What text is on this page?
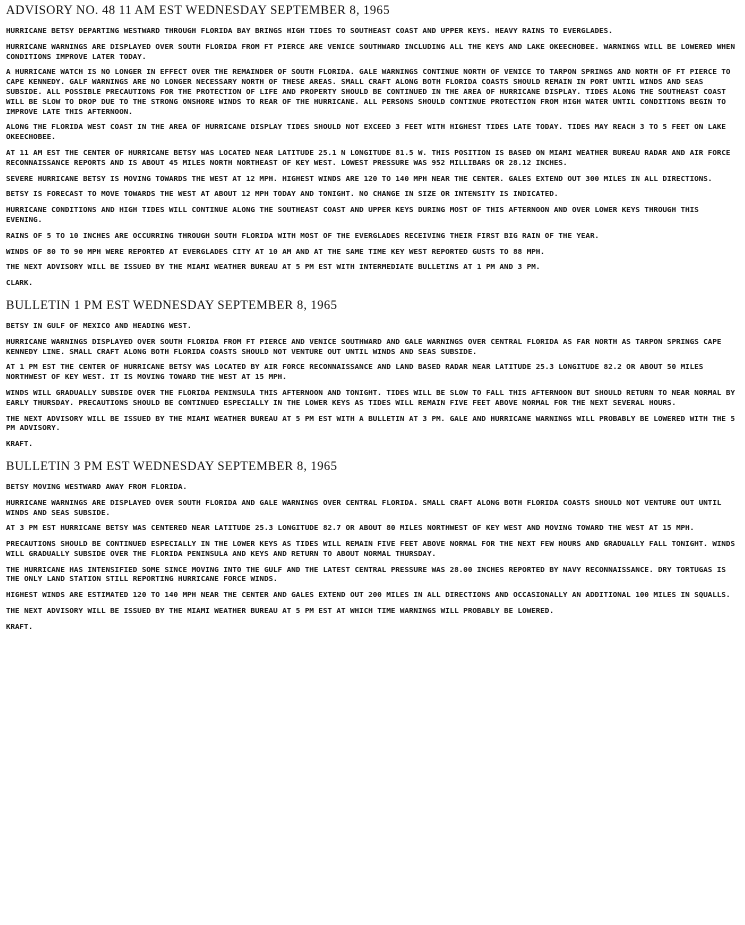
ADVISORY NO. 48 11 AM EST WEDNESDAY SEPTEMBER 8, 1965

HURRICANE BETSY DEPARTING WESTWARD THROUGH FLORIDA BAY BRINGS HIGH TIDES TO SOUTHEAST COAST AND UPPER KEYS. HEAVY RAINS TO EVERGLADES.

HURRICANE WARNINGS ARE DISPLAYED OVER SOUTH FLORIDA FROM FT PIERCE ARE VENICE SOUTHWARD INCLUDING ALL THE KEYS AND LAKE OKEECHOBEE. WARNINGS WILL BE LOWERED WHEN CONDITIONS IMPROVE LATER TODAY.

A HURRICANE WATCH IS NO LONGER IN EFFECT OVER THE REMAINDER OF SOUTH FLORIDA. GALE WARNINGS CONTINUE NORTH OF VENICE TO TARPON SPRINGS AND NORTH OF FT PIERCE TO CAPE KENNEDY. GALF WARNINGS ARE NO LONGER NECESSARY NORTH OF THESE AREAS. SMALL CRAFT ALONG BOTH FLORIDA COASTS SHOULD REMAIN IN PORT UNTIL WINDS AND SEAS SUBSIDE. ALL POSSIBLE PRECAUTIONS FOR THE PROTECTION OF LIFE AND PROPERTY SHOULD BE CONTINUED IN THE AREA OF HURRICANE DISPLAY. TIDES ALONG THE SOUTHEAST COAST WILL BE SLOW TO DROP DUE TO THE STRONG ONSHORE WINDS TO REAR OF THE HURRICANE. ALL PERSONS SHOULD CONTINUE PROTECTION FROM HIGH WATER UNTIL CONDITIONS BEGIN TO IMPROVE LATE THIS AFTERNOON.

ALONG THE FLORIDA WEST COAST IN THE AREA OF HURRICANE DISPLAY TIDES SHOULD NOT EXCEED 3 FEET WITH HIGHEST TIDES LATE TODAY. TIDES MAY REACH 3 TO 5 FEET ON LAKE OKEECHOBEE.

AT 11 AM EST THE CENTER OF HURRICANE BETSY WAS LOCATED NEAR LATITUDE 25.1 N LONGITUDE 81.5 W. THIS POSITION IS BASED ON MIAMI WEATHER BUREAU RADAR AND AIR FORCE RECONNAISSANCE REPORTS AND IS ABOUT 45 MILES NORTH NORTHEAST OF KEY WEST. LOWEST PRESSURE WAS 952 MILLIBARS OR 28.12 INCHES.

SEVERE HURRICANE BETSY IS MOVING TOWARDS THE WEST AT 12 MPH. HIGHEST WINDS ARE 120 TO 140 MPH NEAR THE CENTER. GALES EXTEND OUT 300 MILES IN ALL DIRECTIONS.

BETSY IS FORECAST TO MOVE TOWARDS THE WEST AT ABOUT 12 MPH TODAY AND TONIGHT. NO CHANGE IN SIZE OR INTENSITY IS INDICATED.

HURRICANE CONDITIONS AND HIGH TIDES WILL CONTINUE ALONG THE SOUTHEAST COAST AND UPPER KEYS DURING MOST OF THIS AFTERNOON AND OVER LOWER KEYS THROUGH THIS EVENING.

RAINS OF 5 TO 10 INCHES ARE OCCURRING THROUGH SOUTH FLORIDA WITH MOST OF THE EVERGLADES RECEIVING THEIR FIRST BIG RAIN OF THE YEAR.

WINDS OF 80 TO 90 MPH WERE REPORTED AT EVERGLADES CITY AT 10 AM AND AT THE SAME TIME KEY WEST REPORTED GUSTS TO 88 MPH.

THE NEXT ADVISORY WILL BE ISSUED BY THE MIAMI WEATHER BUREAU AT 5 PM EST WITH INTERMEDIATE BULLETINS AT 1 PM AND 3 PM.

CLARK.
BULLETIN 1 PM EST WEDNESDAY SEPTEMBER 8, 1965

BETSY IN GULF OF MEXICO AND HEADING WEST.

HURRICANE WARNINGS DISPLAYED OVER SOUTH FLORIDA FROM FT PIERCE AND VENICE SOUTHWARD AND GALE WARNINGS OVER CENTRAL FLORIDA AS FAR NORTH AS TARPON SPRINGS CAPE KENNEDY LINE. SMALL CRAFT ALONG BOTH FLORIDA COASTS SHOULD NOT VENTURE OUT UNTIL WINDS AND SEAS SUBSIDE.

AT 1 PM EST THE CENTER OF HURRICANE BETSY WAS LOCATED BY AIR FORCE RECONNAISSANCE AND LAND BASED RADAR NEAR LATITUDE 25.3 LONGITUDE 82.2 OR ABOUT 50 MILES NORTHWEST OF KEY WEST. IT IS MOVING TOWARD THE WEST AT 15 MPH.

WINDS WILL GRADUALLY SUBSIDE OVER THE FLORIDA PENINSULA THIS AFTERNOON AND TONIGHT. TIDES WILL BE SLOW TO FALL THIS AFTERNOON BUT SHOULD RETURN TO NEAR NORMAL BY EARLY THURSDAY. PRECAUTIONS SHOULD BE CONTINUED ESPECIALLY IN THE LOWER KEYS AS TIDES WILL REMAIN FIVE FEET ABOVE NORMAL FOR THE NEXT SEVERAL HOURS.

THE NEXT ADVISORY WILL BE ISSUED BY THE MIAMI WEATHER BUREAU AT 5 PM EST WITH A BULLETIN AT 3 PM. GALE AND HURRICANE WARNINGS WILL PROBABLY BE LOWERED WITH THE 5 PM ADVISORY.

KRAFT.
BULLETIN 3 PM EST WEDNESDAY SEPTEMBER 8, 1965

BETSY MOVING WESTWARD AWAY FROM FLORIDA.

HURRICANE WARNINGS ARE DISPLAYED OVER SOUTH FLORIDA AND GALE WARNINGS OVER CENTRAL FLORIDA. SMALL CRAFT ALONG BOTH FLORIDA COASTS SHOULD NOT VENTURE OUT UNTIL WINDS AND SEAS SUBSIDE.

AT 3 PM EST HURRICANE BETSY WAS CENTERED NEAR LATITUDE 25.3 LONGITUDE 82.7 OR ABOUT 80 MILES NORTHWEST OF KEY WEST AND MOVING TOWARD THE WEST AT 15 MPH.

PRECAUTIONS SHOULD BE CONTINUED ESPECIALLY IN THE LOWER KEYS AS TIDES WILL REMAIN FIVE FEET ABOVE NORMAL FOR THE NEXT FEW HOURS AND GRADUALLY FALL TONIGHT. WINDS WILL GRADUALLY SUBSIDE OVER THE FLORIDA PENINSULA AND KEYS AND RETURN TO ABOUT NORMAL THURSDAY.

THE HURRICANE HAS INTENSIFIED SOME SINCE MOVING INTO THE GULF AND THE LATEST CENTRAL PRESSURE WAS 28.00 INCHES REPORTED BY NAVY RECONNAISSANCE. DRY TORTUGAS IS THE ONLY LAND STATION STILL REPORTING HURRICANE FORCE WINDS.

HIGHEST WINDS ARE ESTIMATED 120 TO 140 MPH NEAR THE CENTER AND GALES EXTEND OUT 200 MILES IN ALL DIRECTIONS AND OCCASIONALLY AN ADDITIONAL 100 MILES IN SQUALLS.

THE NEXT ADVISORY WILL BE ISSUED BY THE MIAMI WEATHER BUREAU AT 5 PM EST AT WHICH TIME WARNINGS WILL PROBABLY BE LOWERED.

KRAFT.
